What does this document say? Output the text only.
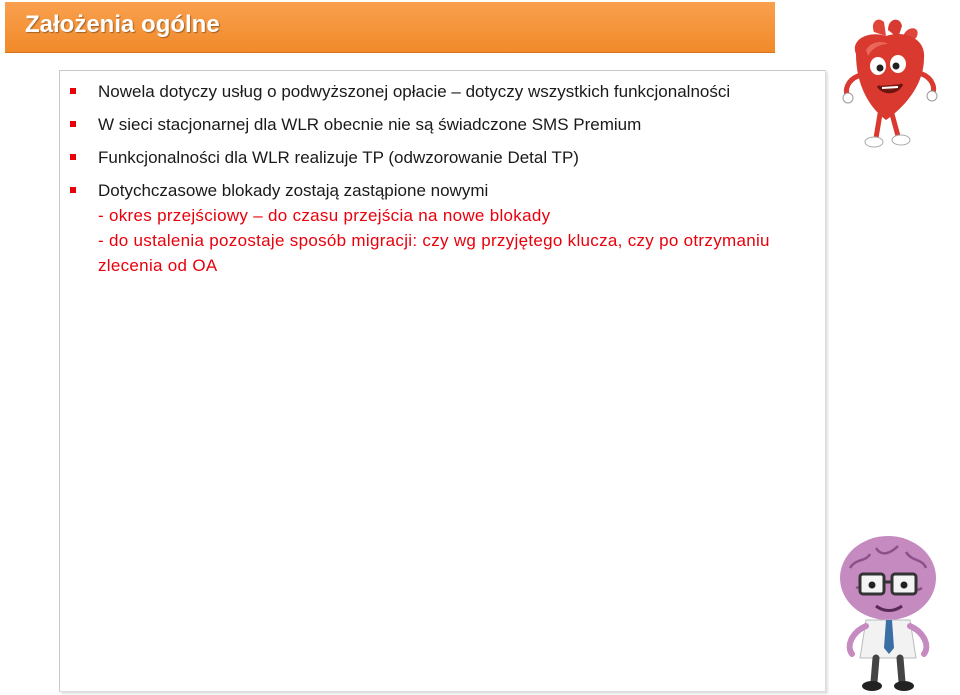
Założenia ogólne
Nowela dotyczy usług o podwyższonej opłacie – dotyczy wszystkich funkcjonalności
W sieci stacjonarnej dla WLR obecnie nie są świadczone SMS Premium
Funkcjonalności dla WLR realizuje TP (odwzorowanie Detal TP)
Dotychczasowe blokady zostają zastąpione nowymi
- okres przejściowy – do czasu przejścia na nowe blokady
- do ustalenia pozostaje sposób migracji: czy wg przyjętego klucza, czy po otrzymaniu zlecenia od OA
